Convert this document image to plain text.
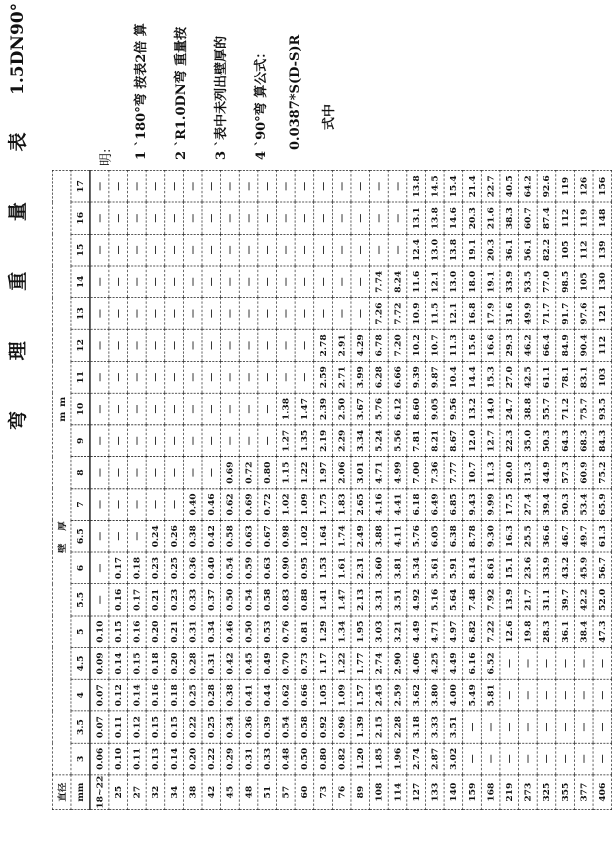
弯 理 重 量 表
1.5DN
90°
直径	壁 厚mm																		
mm	3	3.5	4	4.5	5	5.5	6	6.5	7	8	9	10	11	12	13	14	15	16	17
18~22	0.06	0.07	0.07	0.09	0.10	—	—	—	—	—	—	—	—	—	—	—	—	—	—
25	0.10	0.11	0.12	0.14	0.15	0.16	0.17	—	—	—	—	—	—	—	—	—	—	—	—
27	0.11	0.12	0.14	0.15	0.16	0.17	0.18	—	—	—	—	—	—	—	—	—	—	—	—
32	0.13	0.15	0.16	0.18	0.20	0.21	0.23	0.24	—	—	—	—	—	—	—	—	—	—	—
34	0.14	0.15	0.18	0.20	0.21	0.23	0.25	0.26	—	—	—	—	—	—	—	—	—	—	—
38	0.20	0.22	0.25	0.28	0.31	0.33	0.36	0.38	0.40	—	—	—	—	—	—	—	—	—	—
42	0.22	0.25	0.28	0.31	0.34	0.37	0.40	0.42	0.46	—	—	—	—	—	—	—	—	—	—
45	0.29	0.34	0.38	0.42	0.46	0.50	0.54	0.58	0.62	0.69	—	—	—	—	—	—	—	—	—
48	0.31	0.36	0.41	0.45	0.50	0.54	0.59	0.63	0.69	0.72	—	—	—	—	—	—	—	—	—
51	0.33	0.39	0.44	0.49	0.53	0.58	0.63	0.67	0.72	0.80	—	—	—	—	—	—	—	—	—
57	0.48	0.54	0.62	0.70	0.76	0.83	0.90	0.98	1.02	1.15	1.27	1.38	—	—	—	—	—	—	—
60	0.50	0.58	0.66	0.73	0.81	0.88	0.95	1.02	1.09	1.22	1.35	1.47	—	—	—	—	—	—	—
73	0.80	0.92	1.05	1.17	1.29	1.41	1.53	1.64	1.75	1.97	2.19	2.39	2.59	2.78	—	—	—	—	—
76	0.82	0.96	1.09	1.22	1.34	1.47	1.61	1.74	1.83	2.06	2.29	2.50	2.71	2.91	—	—	—	—	—
89	1.20	1.39	1.57	1.77	1.95	2.13	2.31	2.49	2.65	3.01	3.34	3.67	3.99	4.29	—	—	—	—	—
108	1.85	2.15	2.45	2.74	3.03	3.31	3.60	3.88	4.16	4.71	5.24	5.76	6.28	6.78	7.26	7.74	—	—	—
114	1.96	2.28	2.59	2.90	3.21	3.51	3.81	4.11	4.41	4.99	5.56	6.12	6.66	7.20	7.72	8.24	—	—	—
127	2.74	3.18	3.62	4.06	4.49	4.92	5.34	5.76	6.18	7.00	7.81	8.60	9.39	10.2	10.9	11.6	12.4	13.1	13.8
133	2.87	3.33	3.80	4.25	4.71	5.16	5.61	6.05	6.49	7.36	8.21	9.05	9.87	10.7	11.5	12.1	13.0	13.8	14.5
140	3.02	3.51	4.00	4.49	4.97	5.64	5.91	6.38	6.85	7.77	8.67	9.56	10.4	11.3	12.1	13.0	13.8	14.6	15.4
159	—	—	5.49	6.16	6.82	7.48	8.14	8.78	9.43	10.7	12.0	13.2	14.4	15.6	16.8	18.0	19.1	20.3	21.4
168	—	—	5.81	6.52	7.22	7.92	8.61	9.30	9.99	11.3	12.7	14.0	15.3	16.6	17.9	19.1	20.3	21.6	22.7
219	—	—	—	—	12.6	13.9	15.1	16.3	17.5	20.0	22.3	24.7	27.0	29.3	31.6	33.9	36.1	38.3	40.5
273	—	—	—	—	19.8	21.7	23.6	25.5	27.4	31.3	35.0	38.8	42.5	46.2	49.9	53.5	56.1	60.7	64.2
325	—	—	—	—	28.3	31.1	33.9	36.6	39.4	44.9	50.3	55.7	61.1	66.4	71.7	77.0	82.2	87.4	92.6
355	—	—	—	—	36.1	39.7	43.2	46.7	50.3	57.3	64.3	71.2	78.1	84.9	91.7	98.5	105	112	119
377	—	—	—	—	38.4	42.2	45.9	49.7	53.4	60.9	68.3	75.7	83.1	90.4	97.6	105	112	119	126
406	—	—	—	—	47.3	52.0	56.7	61.3	65.9	75.2	84.3	93.5	103	112	121	130	139	148	156
明:	1 `180°弯 按表2倍 算	2 `R1.0DN弯 重量按	3 `表中未列出壁厚的	4 `90°弯 算公式： 0.0387*S(D-S)R	式中
